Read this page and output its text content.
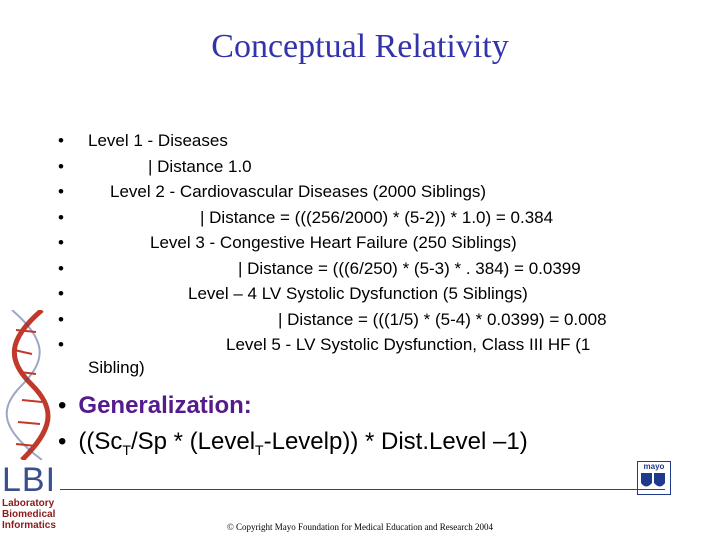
Conceptual Relativity
• Level 1 - Diseases
•	| Distance 1.0
•	Level 2 - Cardiovascular Diseases (2000 Siblings)
•	| Distance = (((256/2000) * (5-2)) * 1.0) = 0.384
•	Level 3 - Congestive Heart Failure (250 Siblings)
•	| Distance = (((6/250) * (5-3) * . 384) = 0.0399
•	Level – 4 LV Systolic Dysfunction (5 Siblings)
•	| Distance = (((1/5) * (5-4) * 0.0399) = 0.008
•	Level 5 - LV Systolic Dysfunction, Class III HF (1
Sibling)
• Generalization:
• (($Sc_T/Sp$ * (Level$_T$-Levelp)) * Dist.Level –1)
LBI
Laboratory
Biomedical
Informatics
mayo
© Copyright Mayo Foundation for Medical Education and Research 2004
